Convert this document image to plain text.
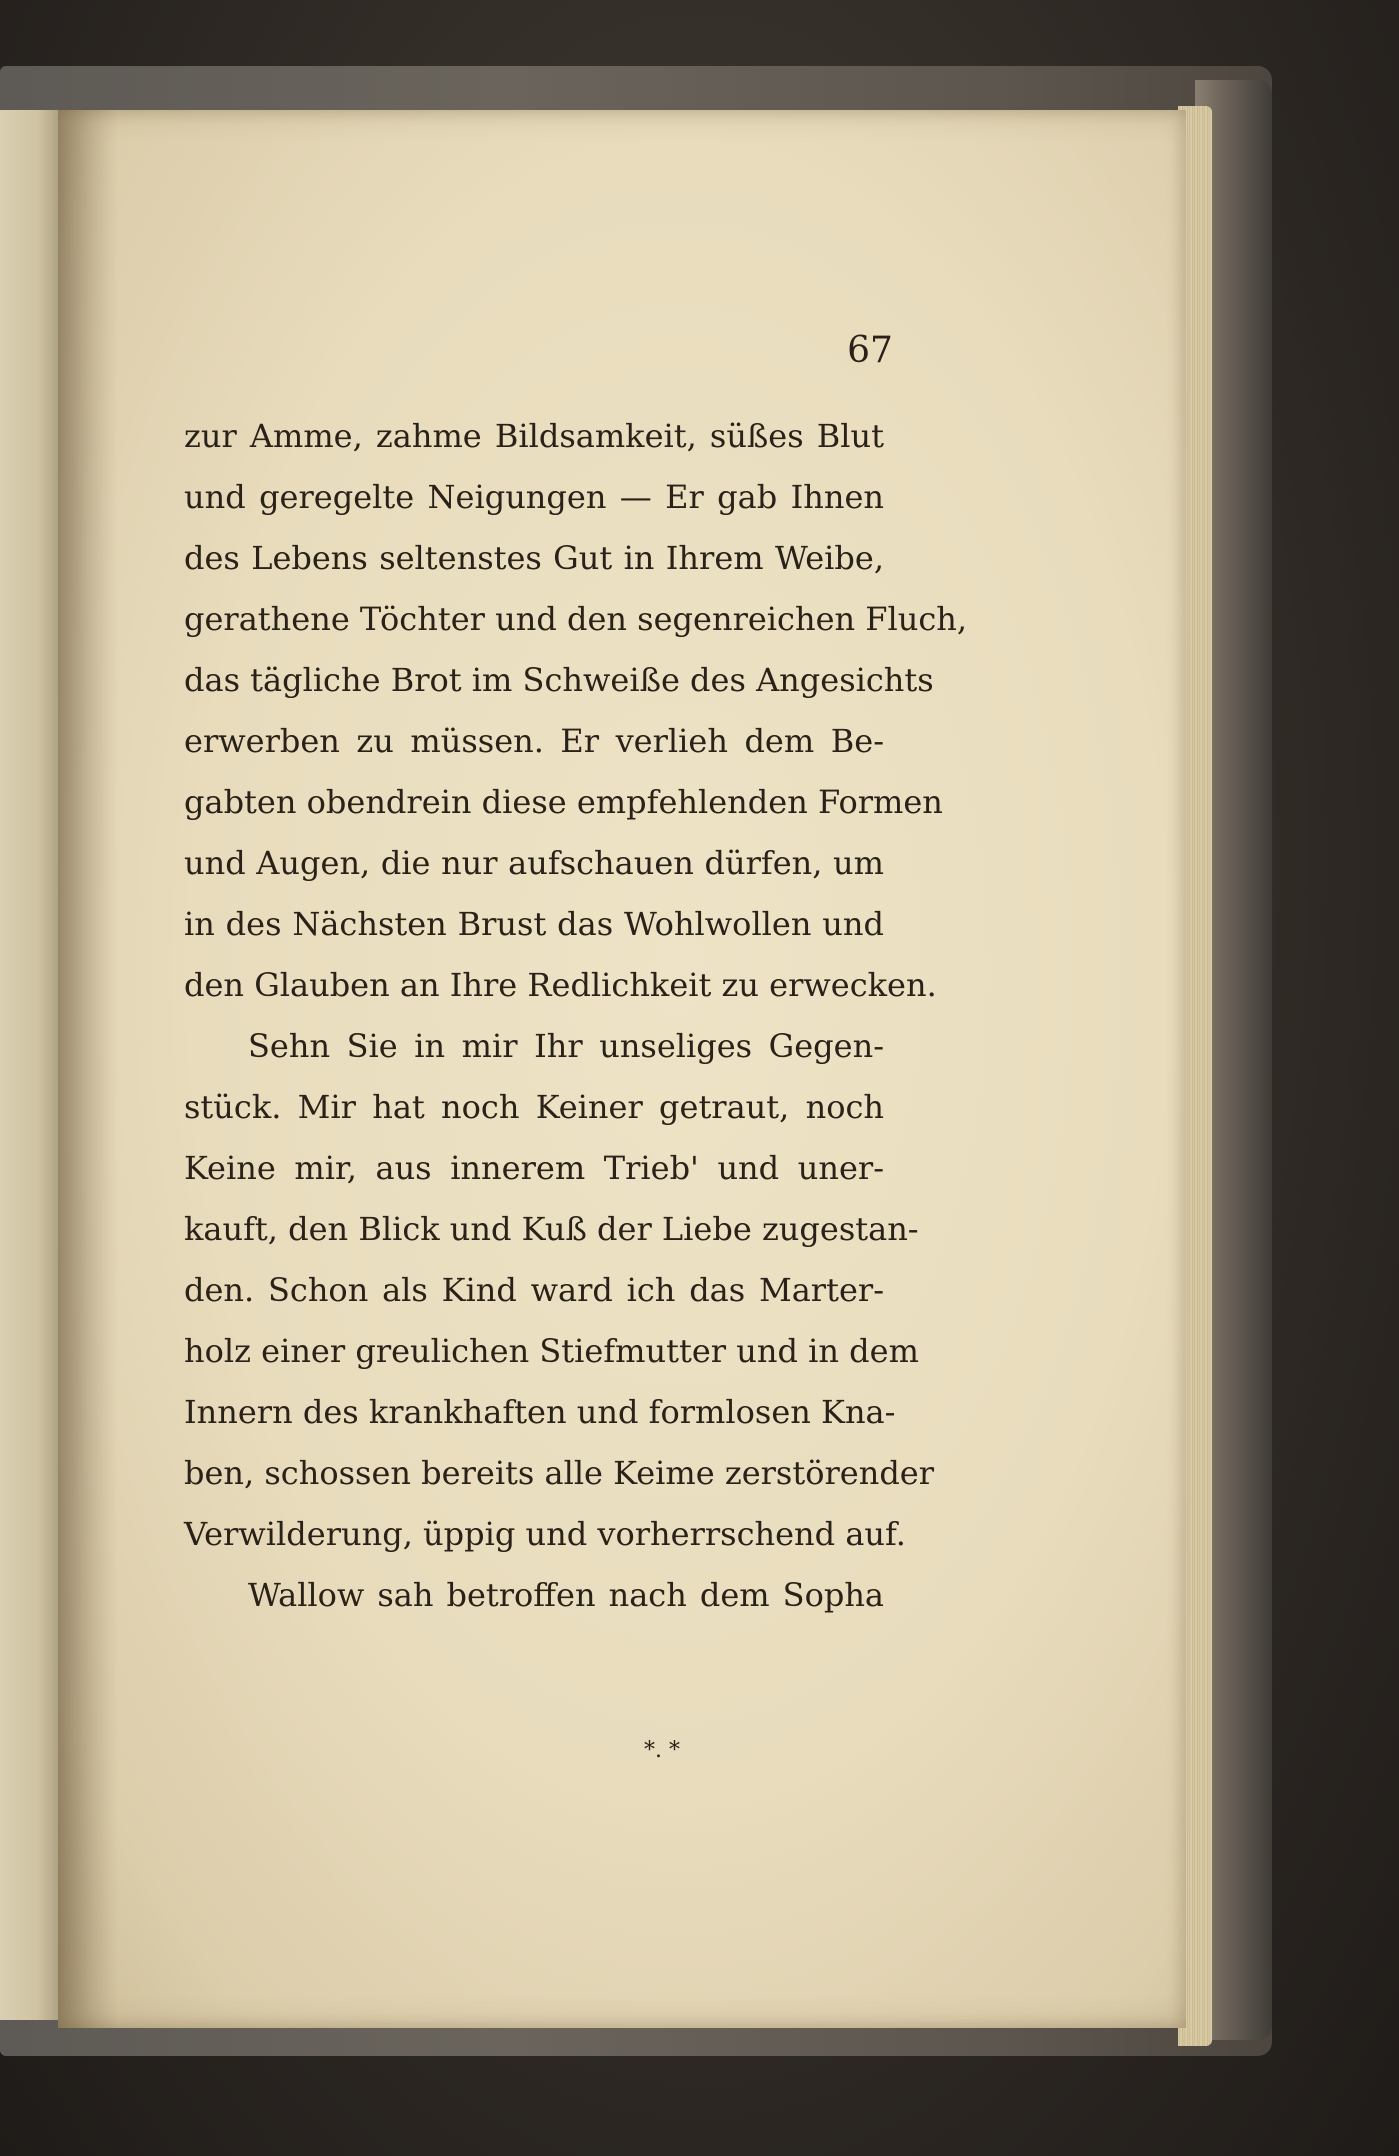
67
zur Amme, zahme Bildsamkeit, süßes Blut
und geregelte Neigungen — Er gab Ihnen
des Lebens seltenstes Gut in Ihrem Weibe,
gerathene Töchter und den segenreichen Fluch,
das tägliche Brot im Schweiße des Angesichts
erwerben zu müssen. Er verlieh dem Be-
gabten obendrein diese empfehlenden Formen
und Augen, die nur aufschauen dürfen, um
in des Nächsten Brust das Wohlwollen und
den Glauben an Ihre Redlichkeit zu erwecken.
Sehn Sie in mir Ihr unseliges Gegen-
stück. Mir hat noch Keiner getraut, noch
Keine mir, aus innerem Trieb' und uner-
kauft, den Blick und Kuß der Liebe zugestan-
den. Schon als Kind ward ich das Marter-
holz einer greulichen Stiefmutter und in dem
Innern des krankhaften und formlosen Kna-
ben, schossen bereits alle Keime zerstörender
Verwilderung, üppig und vorherrschend auf.
Wallow sah betroffen nach dem Sopha
*. *
